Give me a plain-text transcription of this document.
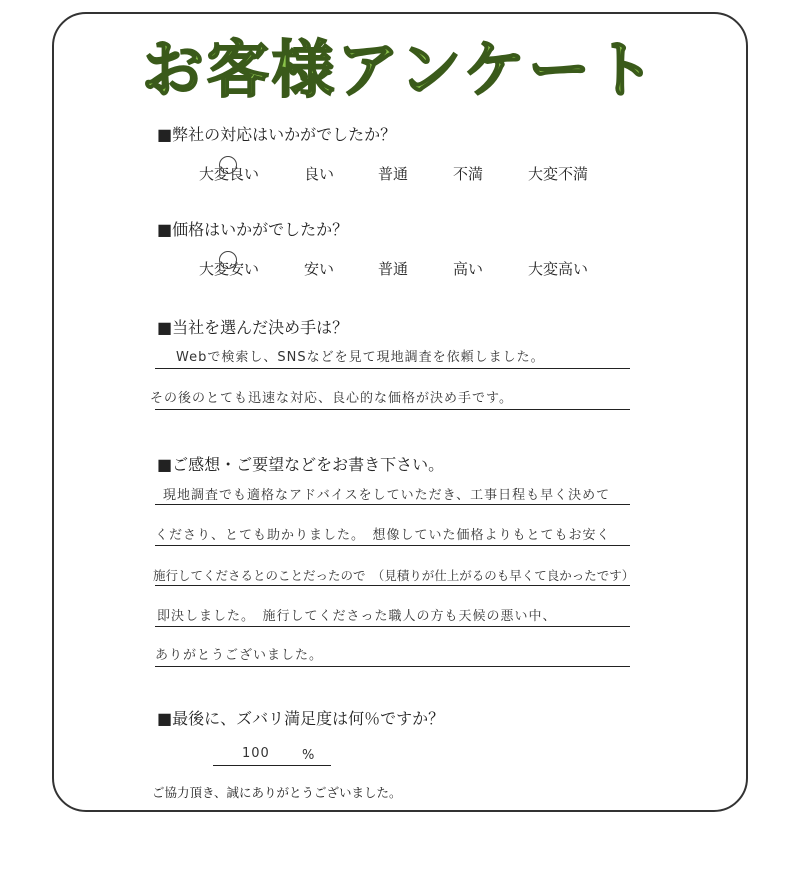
お客様アンケート
■弊社の対応はいかがでしたか？
大変良い	良い	普通	不満	大変不満
■価格はいかがでしたか？
大変安い	安い	普通	高い	大変高い
■当社を選んだ決め手は？
Webで検索し、SNSなどを見て現地調査を依頼しました。
その後のとても迅速な対応、良心的な価格が決め手です。
■ご感想・ご要望などをお書き下さい。
現地調査でも適格なアドバイスをしていただき、工事日程も早く決めて
くださり、とても助かりました。　想像していた価格よりもとてもお安く
施行してくださるとのことだったので　（見積りが仕上がるのも早くて良かったです）
即決しました。　施行してくださった職人の方も天候の悪い中、
ありがとうございました。
■最後に、ズバリ満足度は何％ですか？
100 %
ご協力頂き、誠にありがとうございました。
